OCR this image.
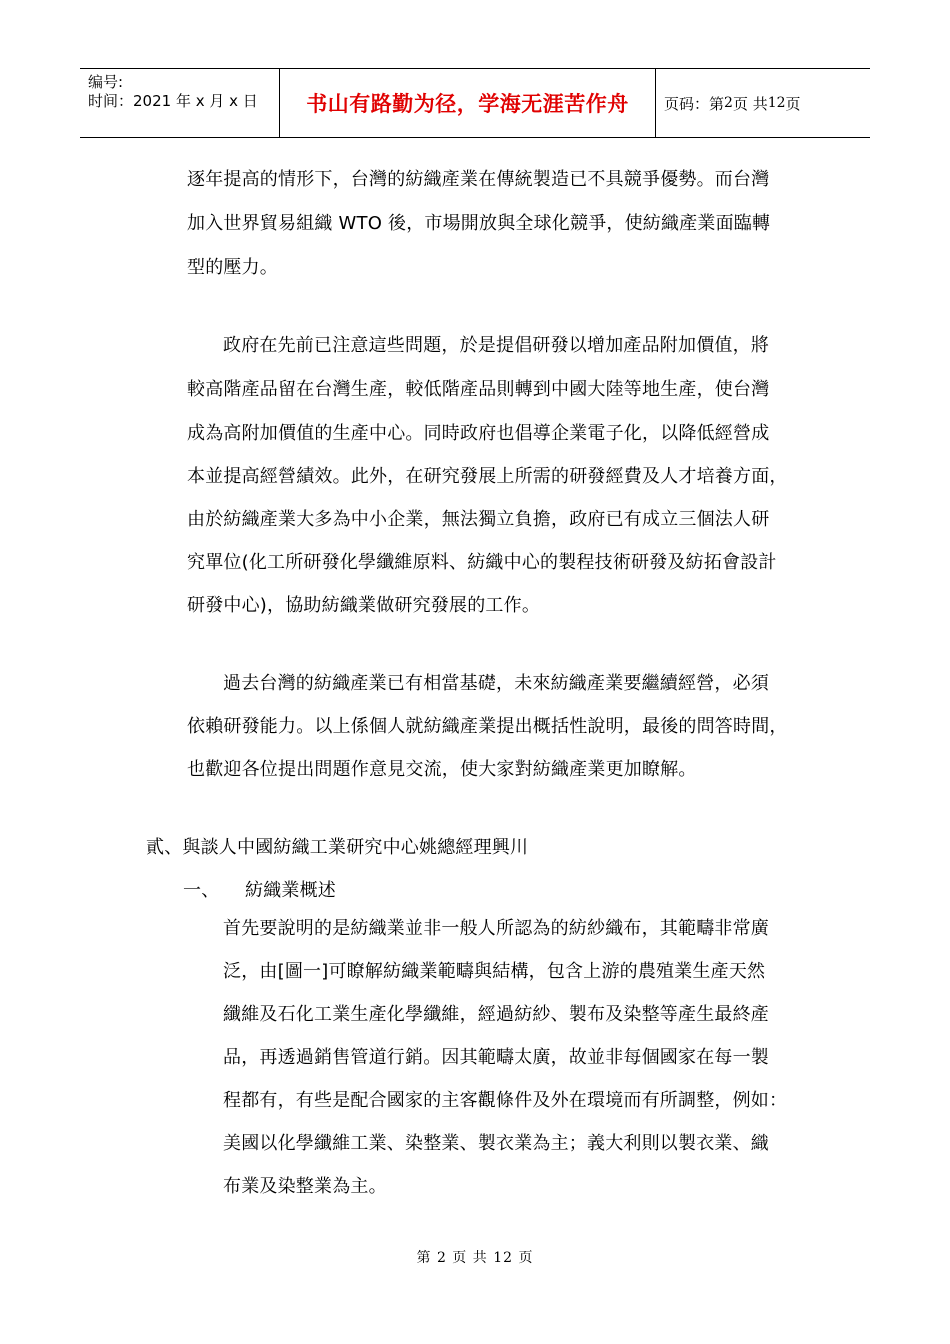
编号:
时间：2021 年 x 月 x 日	书山有路勤为径，学海无涯苦作舟	页码：第 2 页 共 12 页
逐年提高的情形下，台灣的紡織產業在傳統製造已不具競爭優勢。而台灣
加入世界貿易組織 WTO 後，市場開放與全球化競爭，使紡織產業面臨轉
型的壓力。
政府在先前已注意這些問題，於是提倡研發以增加產品附加價值，將
較高階產品留在台灣生產，較低階產品則轉到中國大陸等地生產，使台灣
成為高附加價值的生產中心。同時政府也倡導企業電子化，以降低經營成
本並提高經營績效。此外，在研究發展上所需的研發經費及人才培養方面，
由於紡織產業大多為中小企業，無法獨立負擔，政府已有成立三個法人研
究單位(化工所研發化學纖維原料、紡織中心的製程技術研發及紡拓會設計
研發中心)，協助紡織業做研究發展的工作。
過去台灣的紡織產業已有相當基礎，未來紡織產業要繼續經營，必須
依賴研發能力。以上係個人就紡織產業提出概括性說明，最後的問答時間，
也歡迎各位提出問題作意見交流，使大家對紡織產業更加瞭解。
貳、與談人中國紡織工業研究中心姚總經理興川
一、 紡織業概述
首先要說明的是紡織業並非一般人所認為的紡紗織布，其範疇非常廣
泛，由[圖一]可瞭解紡織業範疇與結構，包含上游的農殖業生產天然
纖維及石化工業生產化學纖維，經過紡紗、製布及染整等產生最終產
品，再透過銷售管道行銷。因其範疇太廣，故並非每個國家在每一製
程都有，有些是配合國家的主客觀條件及外在環境而有所調整，例如：
美國以化學纖維工業、染整業、製衣業為主；義大利則以製衣業、織
布業及染整業為主。
第 2 页 共 12 页
